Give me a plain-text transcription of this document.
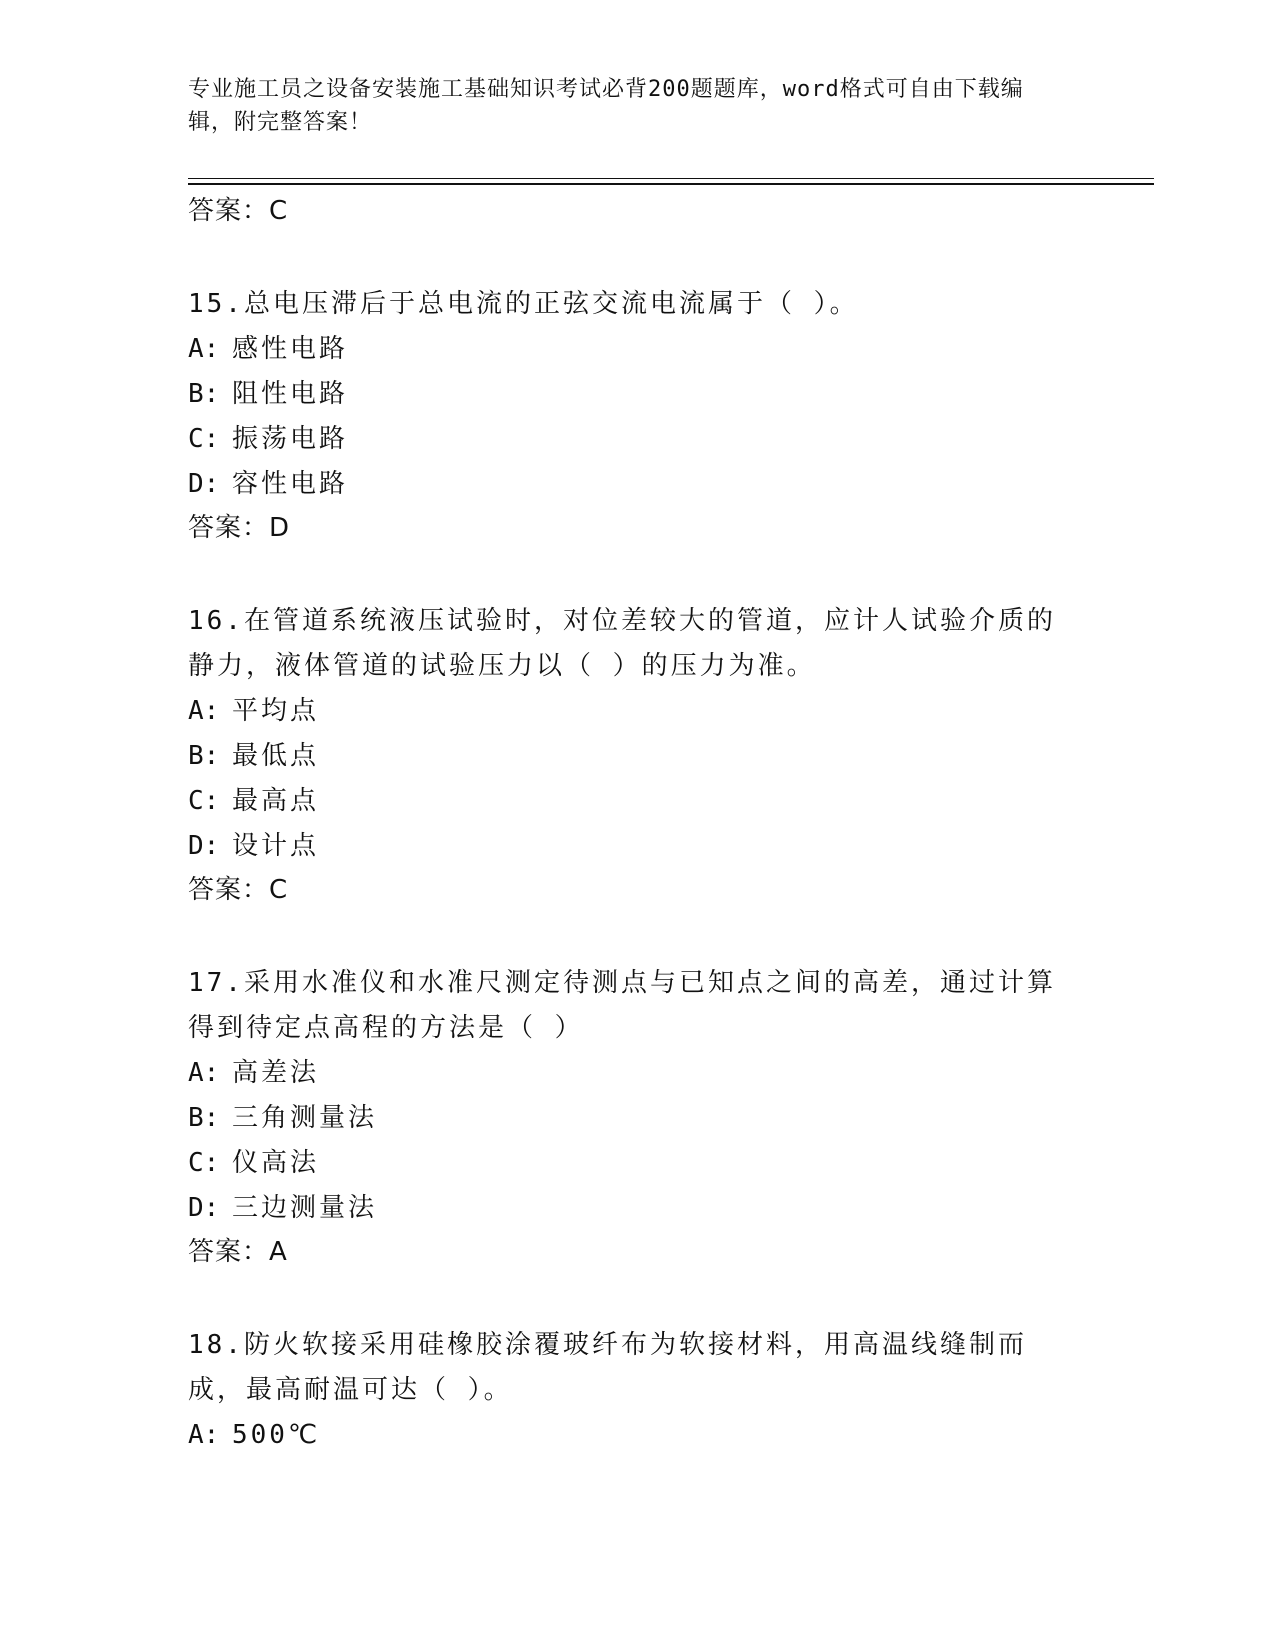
专业施工员之设备安装施工基础知识考试必背200题题库，word格式可自由下载编辑，附完整答案！
答案：C
15.总电压滞后于总电流的正弦交流电流属于（ ）。
A: 感性电路
B: 阻性电路
C: 振荡电路
D: 容性电路
答案：D
16.在管道系统液压试验时，对位差较大的管道，应计人试验介质的静力，液体管道的试验压力以（ ）的压力为准。
A: 平均点
B: 最低点
C: 最高点
D: 设计点
答案：C
17.采用水准仪和水准尺测定待测点与已知点之间的高差，通过计算得到待定点高程的方法是（ ）
A: 高差法
B: 三角测量法
C: 仪高法
D: 三边测量法
答案：A
18.防火软接采用硅橡胶涂覆玻纤布为软接材料，用高温线缝制而成，最高耐温可达（ ）。
A: 500℃
